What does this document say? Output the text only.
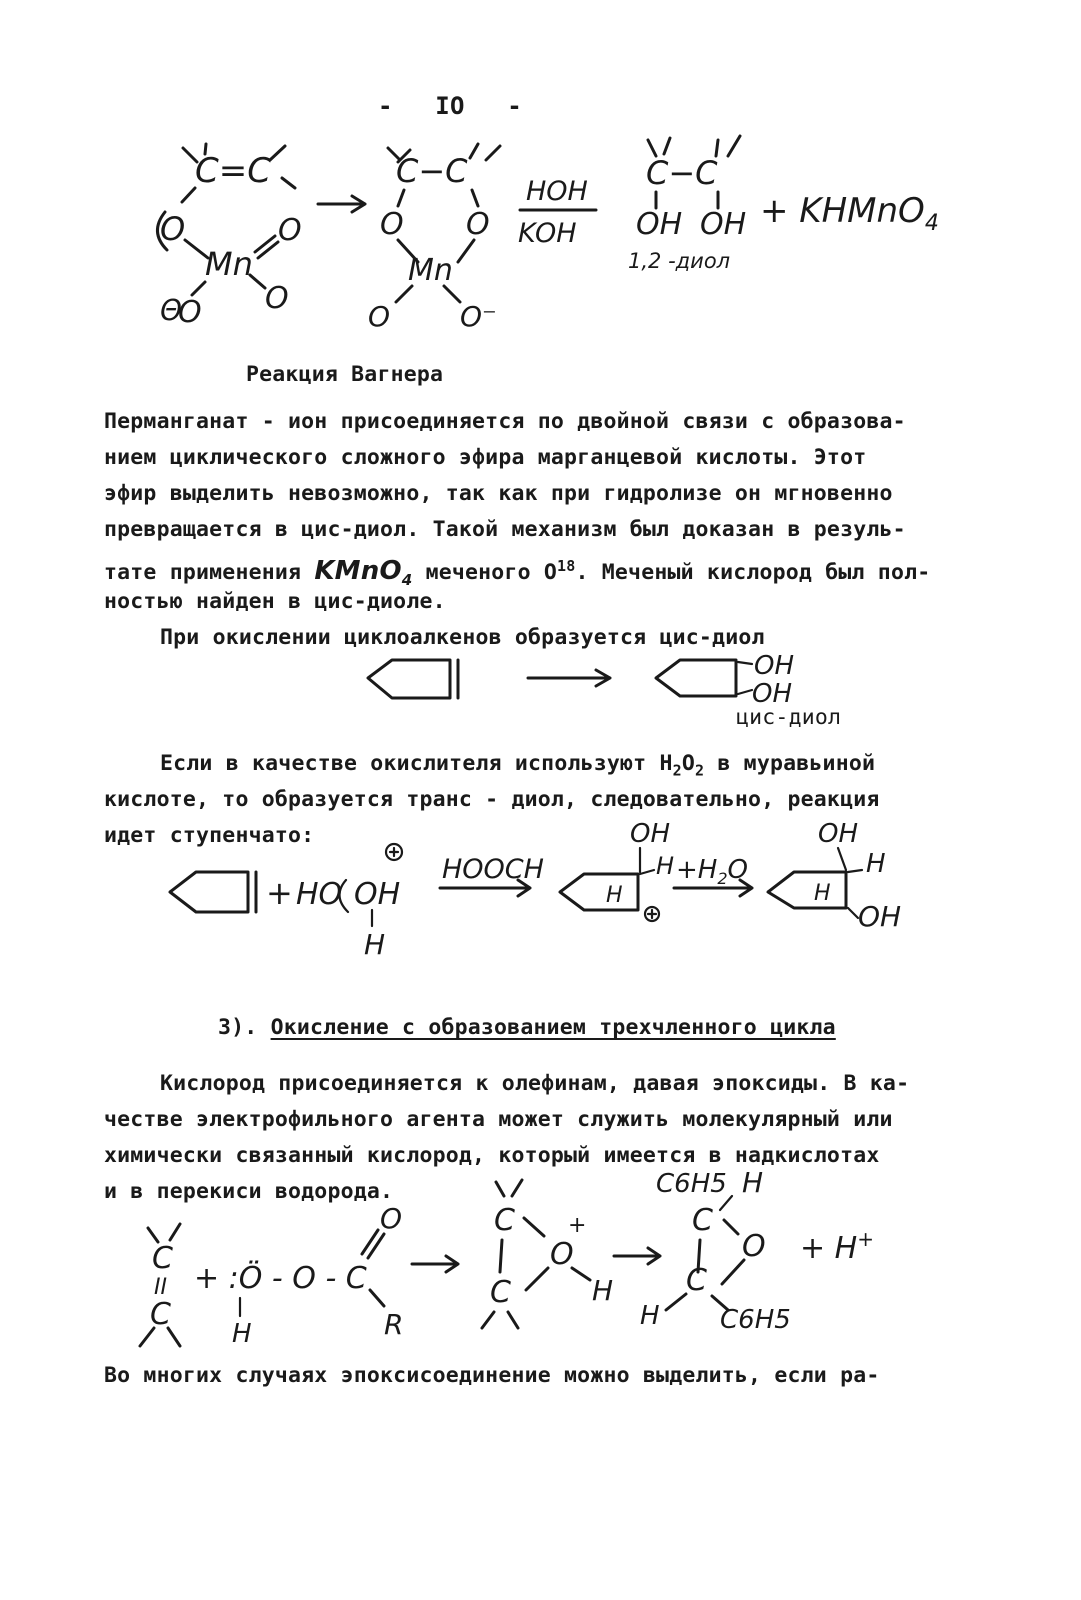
- IO -
C=C
O
Mn
O
O
Θ
O
C−C
O O
Mn
O O⁻
HOH
KOH
C−C
OH OH
1,2 -диол
+ KHMnO$_4$
Реакция Вагнера
Перманганат - ион присоединяется по двойной связи с образова-
нием циклического сложного эфира марганцевой кислоты. Этот
эфир выделить невозможно, так как при гидролизе он мгновенно
превращается в цис-диол. Такой механизм был доказан в резуль-
тате применения KMnO$_4$ меченого $O^{18}$. Меченый кислород был пол-
ностью найден в цис-диоле.
При окислении циклоалкенов образуется цис-диол
OH
OH
цис-диол
Если в качестве окислителя используют $H_2O_2$ в муравьиной
кислоте, то образуется транс - диол, следовательно, реакция
идет ступенчато:
+ HO OH
H
HOOCH
OH
H
H
$+H_2O$
OH
H
H
OH
3). Окисление с образованием трехчленного цикла
Кислород присоединяется к олефинам, давая эпоксиды. В ка-
честве электрофильного агента может служить молекулярный или
химически связанный кислород, который имеется в надкислотах
и в перекиси водорода.
C
II
C
+ :Ö - O - C
O
R
H
C
O
+
H
C
C6H5 H
C
O
C
H C6H5
+ H+
Во многих случаях эпоксисоединение можно выделить, если ра-
